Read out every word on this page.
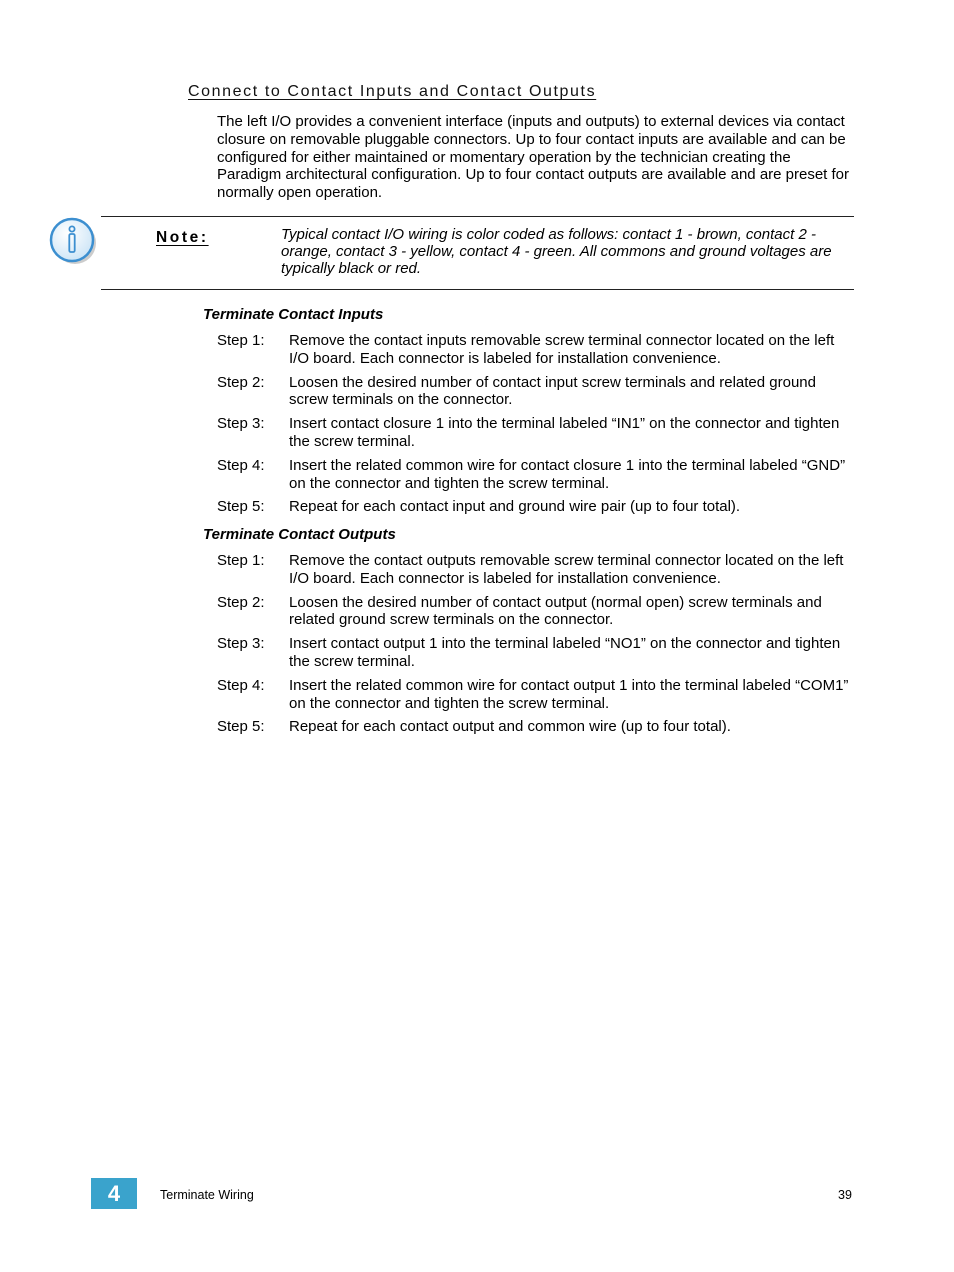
Connect to Contact Inputs and Contact Outputs

The left I/O provides a convenient interface (inputs and outputs) to external devices via contact closure on removable pluggable connectors. Up to four contact inputs are available and can be configured for either maintained or momentary operation by the technician creating the Paradigm architectural configuration. Up to four contact outputs are available and are preset for normally open operation.

Note:	Typical contact I/O wiring is color coded as follows: contact 1 - brown, contact 2 - orange, contact 3 - yellow, contact 4 - green. All commons and ground voltages are typically black or red.

Terminate Contact Inputs
Step 1:	Remove the contact inputs removable screw terminal connector located on the left I/O board. Each connector is labeled for installation convenience.
Step 2:	Loosen the desired number of contact input screw terminals and related ground screw terminals on the connector.
Step 3:	Insert contact closure 1 into the terminal labeled “IN1” on the connector and tighten the screw terminal.
Step 4:	Insert the related common wire for contact closure 1 into the terminal labeled “GND” on the connector and tighten the screw terminal.
Step 5:	Repeat for each contact input and ground wire pair (up to four total).
Terminate Contact Outputs
Step 1:	Remove the contact outputs removable screw terminal connector located on the left I/O board. Each connector is labeled for installation convenience.
Step 2:	Loosen the desired number of contact output (normal open) screw terminals and related ground screw terminals on the connector.
Step 3:	Insert contact output 1 into the terminal labeled “NO1” on the connector and tighten the screw terminal.
Step 4:	Insert the related common wire for contact output 1 into the terminal labeled “COM1” on the connector and tighten the screw terminal.
Step 5:	Repeat for each contact output and common wire (up to four total).
4	Terminate Wiring	39
